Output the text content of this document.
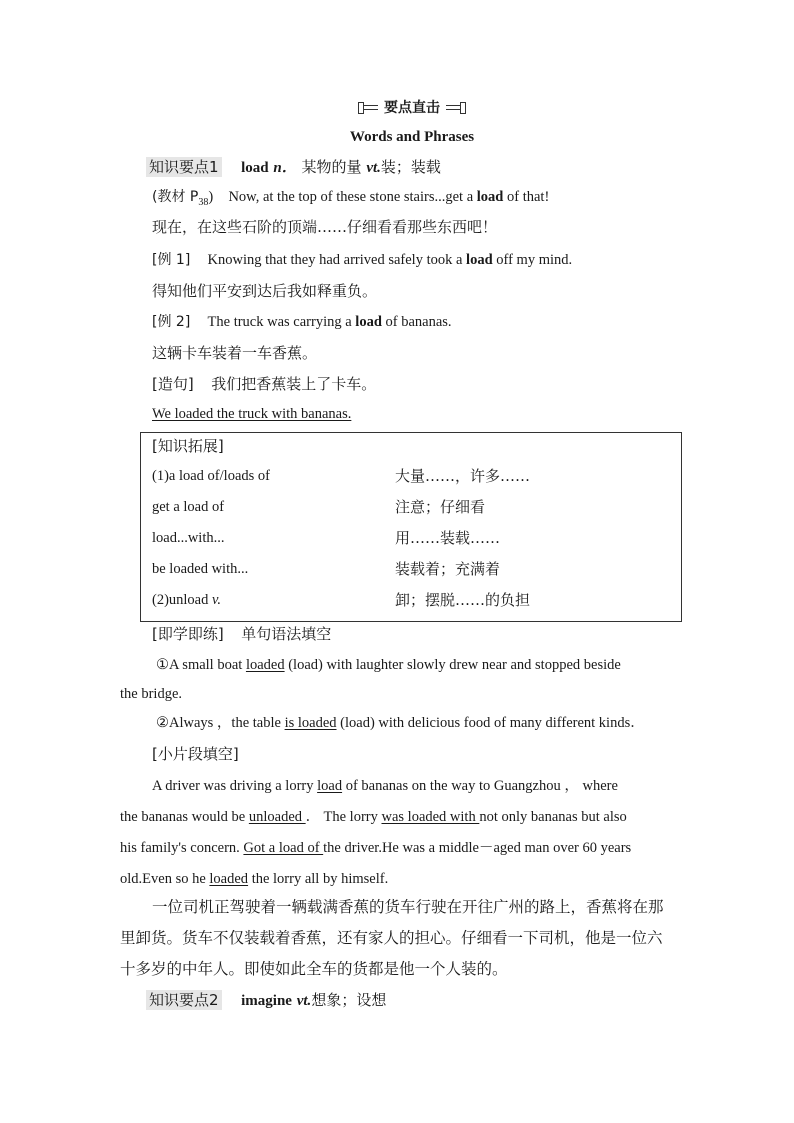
要点直击
Words and Phrases
知识要点1 load n． 某物的量 vt.装；装载
(教材 $P_{38}$) Now, at the top of these stone stairs...get a load of that!
现在，在这些石阶的顶端……仔细看看那些东西吧！
[例 1] Knowing that they had arrived safely took a load off my mind.
得知他们平安到达后我如释重负。
[例 2] The truck was carrying a load of bananas.
这辆卡车装着一车香蕉。
[造句] 我们把香蕉装上了卡车。
We loaded the truck with bananas.
[知识拓展]
(1)a load of/loads of	大量……，许多……
get a load of	注意；仔细看
load...with...	用……装载……
be loaded with...	装载着；充满着
(2)unload v.	卸；摆脱……的负担
[即学即练] 单句语法填空
①A small boat loaded (load) with laughter slowly drew near and stopped beside
the bridge.
②Always ，the table is loaded (load) with delicious food of many different kinds．
[小片段填空]
A driver was driving a lorry load of bananas on the way to Guangzhou ， where
the bananas would be unloaded ． The lorry was loaded with not only bananas but also
his family's concern. Got a load of the driver.He was a middle－aged man over 60 years
old.Even so he loaded the lorry all by himself.
一位司机正驾驶着一辆载满香蕉的货车行驶在开往广州的路上，香蕉将在那
里卸货。货车不仅装载着香蕉，还有家人的担心。仔细看一下司机，他是一位六
十多岁的中年人。即使如此全车的货都是他一个人装的。
知识要点2 imagine vt.想象；设想
